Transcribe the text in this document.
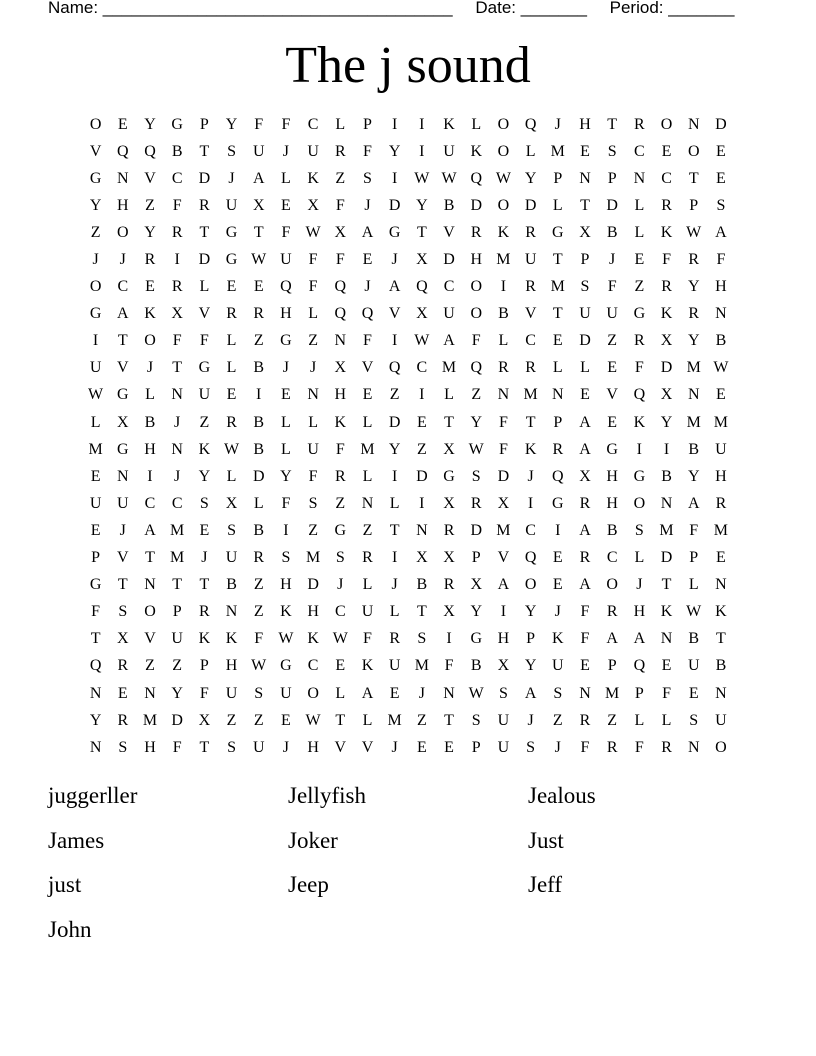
Name: _____________________________________ Date: _______ Period: _______
The j sound
O	E	Y G	P	Y	F	F	C	L	P	I	I	K	L	O Q	J	H	T	R	O N D
V Q Q	B	T	S	U	J	U	R	F	Y	I	U K O	L M E	S	C	E	O	E
G N V	C	D	J	A	L	K	Z	S	I	W W Q W Y	P	N	P	N	C	T	E
Y H	Z	F	R	U X	E	X	F	J	D Y	B	D O D	L	T	D	L	R	P	S
Z	O Y	R	T	G	T	F W X A G	T	V	R	K	R	G X	B	L	K W A
J	J	R	I	D G W U	F	F	E	J	X D H M U	T	P	J	E	F	R	F
O	C	E	R	L	E	E	Q	F	Q	J	A Q	C	O	I	R M S	F	Z	R	Y H
G A K X V	R	R	H	L	Q Q V X U O	B	V	T	U U G K	R	N
I	T	O	F	F	L	Z	G	Z	N	F	I	W A	F	L	C	E	D	Z	R	X Y	B
U V	J	T	G	L	B	J	J	X V Q	C M Q	R	R	L	L	E	F	D M W
W G	L	N U	E	I	E	N H	E	Z	I	L	Z	N M N	E	V Q X N	E
L	X	B	J	Z	R	B	L	L	K	L	D	E	T	Y	F	T	P	A	E	K Y M M
M G H N K W B	L	U	F M Y	Z	X W F	K	R	A G	I	I	B	U
E	N	I	J	Y	L	D Y	F	R	L	I	D G	S	D	J	Q X H G	B	Y H
U U	C	C	S	X	L	F	S	Z	N	L	I	X	R	X	I	G	R	H O N A	R
E	J	A M E	S	B	I	Z	G	Z	T	N	R	D M C	I	A	B	S M F M
P	V	T M	J	U	R	S M S	R	I	X X	P	V Q	E	R	C	L	D	P	E
G	T	N	T	T	B	Z	H D	J	L	J	B	R	X A O	E	A O	J	T	L	N
F	S	O	P	R	N	Z	K H	C	U	L	T	X Y	I	Y	J	F	R	H K W K
T	X V U K K	F W K W F	R	S	I	G H	P	K	F	A A N	B	T
Q	R	Z	Z	P	H W G	C	E	K U M F	B	X Y U	E	P	Q	E	U	B
N	E	N Y	F	U	S	U O	L	A	E	J	N W S	A	S	N M P	F	E	N
Y	R M D X	Z	Z	E W T	L M Z	T	S	U	J	Z	R	Z	L	L	S	U
N	S	H	F	T	S	U	J	H V V	J	E	E	P	U	S	J	F	R	F	R	N O
juggerller	Jellyfish	Jealous
James	Joker	Just
just	Jeep	Jeff
John
